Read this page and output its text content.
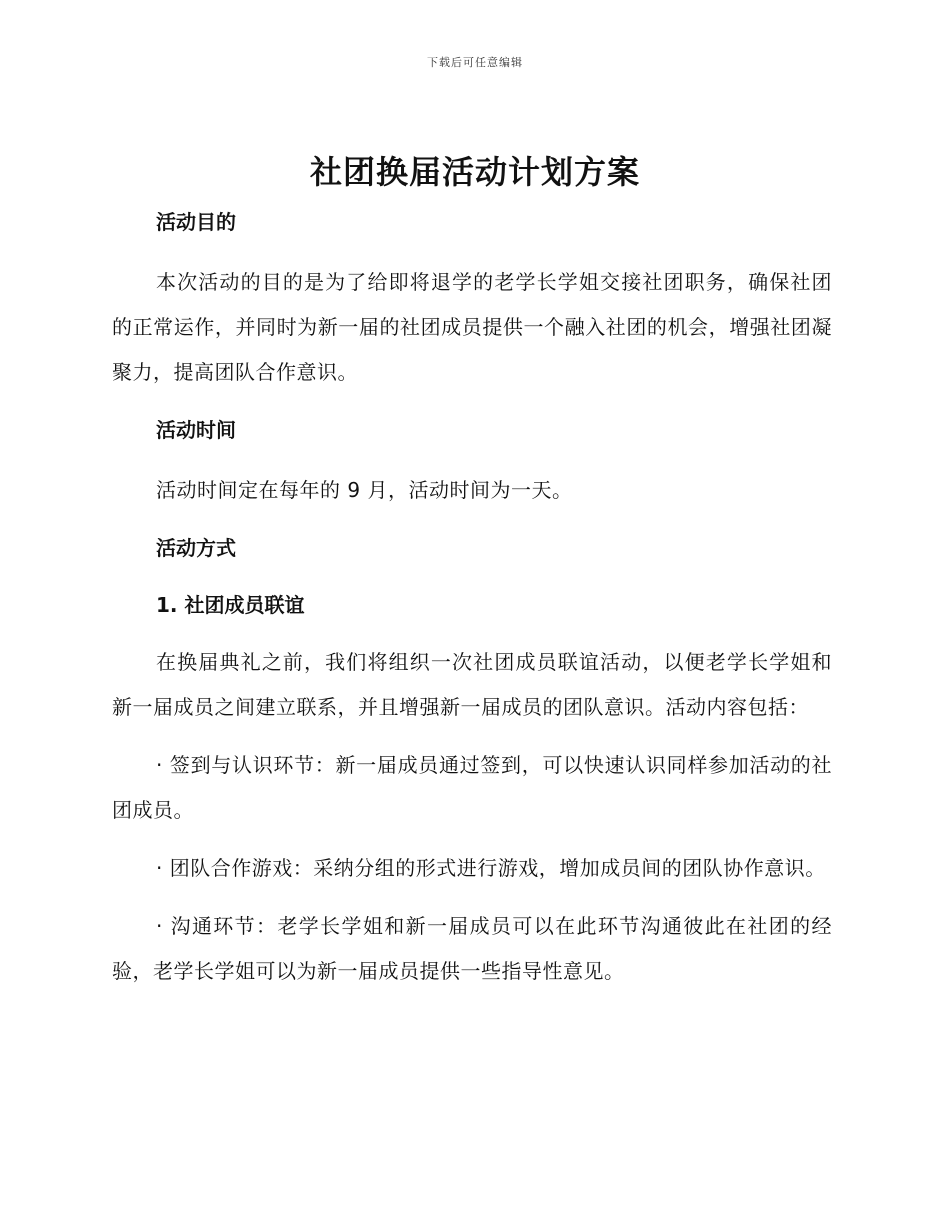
下载后可任意编辑
社团换届活动计划方案
活动目的

本次活动的目的是为了给即将退学的老学长学姐交接社团职务，确保社团的正常运作，并同时为新一届的社团成员提供一个融入社团的机会，增强社团凝聚力，提高团队合作意识。

活动时间

活动时间定在每年的 9 月，活动时间为一天。

活动方式
1. 社团成员联谊

在换届典礼之前，我们将组织一次社团成员联谊活动，以便老学长学姐和新一届成员之间建立联系，并且增强新一届成员的团队意识。活动内容包括：

· 签到与认识环节：新一届成员通过签到，可以快速认识同样参加活动的社团成员。

· 团队合作游戏：采纳分组的形式进行游戏，增加成员间的团队协作意识。

· 沟通环节：老学长学姐和新一届成员可以在此环节沟通彼此在社团的经验，老学长学姐可以为新一届成员提供一些指导性意见。
